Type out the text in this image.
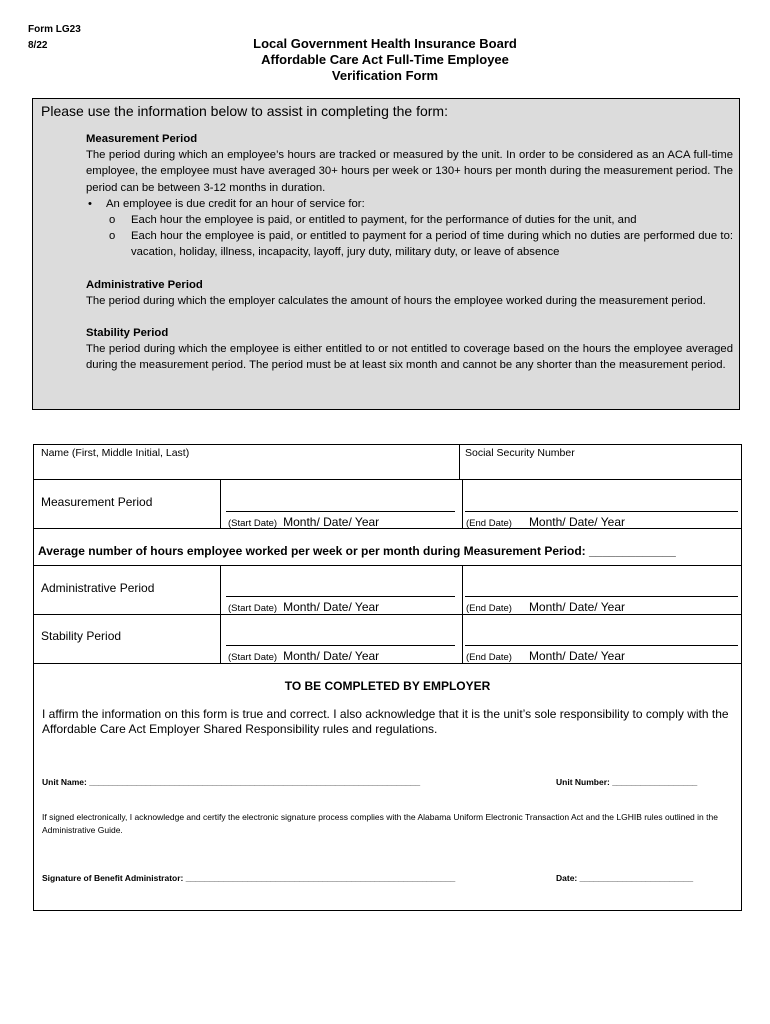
Form LG23
8/22	Local Government Health Insurance Board
Affordable Care Act Full-Time Employee
Verification Form
Please use the information below to assist in completing the form:
Measurement Period

The period during which an employee’s hours are tracked or measured by the unit. In order to be considered as an ACA full-time employee, the employee must have averaged 30+ hours per week or 130+ hours per month during the measurement period. The period can be between 3-12 months in duration.

• An employee is due credit for an hour of service for:
o Each hour the employee is paid, or entitled to payment, for the performance of duties for the unit, and
o Each hour the employee is paid, or entitled to payment for a period of time during which no duties are performed due to: vacation, holiday, illness, incapacity, layoff, jury duty, military duty, or leave of absence
Administrative Period

The period during which the employer calculates the amount of hours the employee worked during the measurement period.

Stability Period

The period during which the employee is either entitled to or not entitled to coverage based on the hours the employee averaged during the measurement period. The period must be at least six month and cannot be any shorter than the measurement period.

Name (First, Middle Initial, Last)	Social Security Number
Measurement Period
(Start Date) Month/ Date/ Year	(End Date) Month/ Date/ Year
Average number of hours employee worked per week or per month during Measurement Period: _____________
Administrative Period
(Start Date) Month/ Date/ Year	(End Date) Month/ Date/ Year
Stability Period
(Start Date) Month/ Date/ Year	(End Date) Month/ Date/ Year
TO BE COMPLETED BY EMPLOYER
I affirm the information on this form is true and correct. I also acknowledge that it is the unit’s sole responsibility to comply with the Affordable Care Act Employer Shared Responsibility rules and regulations.
Unit Name: ______________________________________________________________________	Unit Number: __________________
If signed electronically, I acknowledge and certify the electronic signature process complies with the Alabama Uniform Electronic Transaction Act and the LGHIB rules outlined in the Administrative Guide.
Signature of Benefit Administrator: _________________________________________________________	Date: ________________________
